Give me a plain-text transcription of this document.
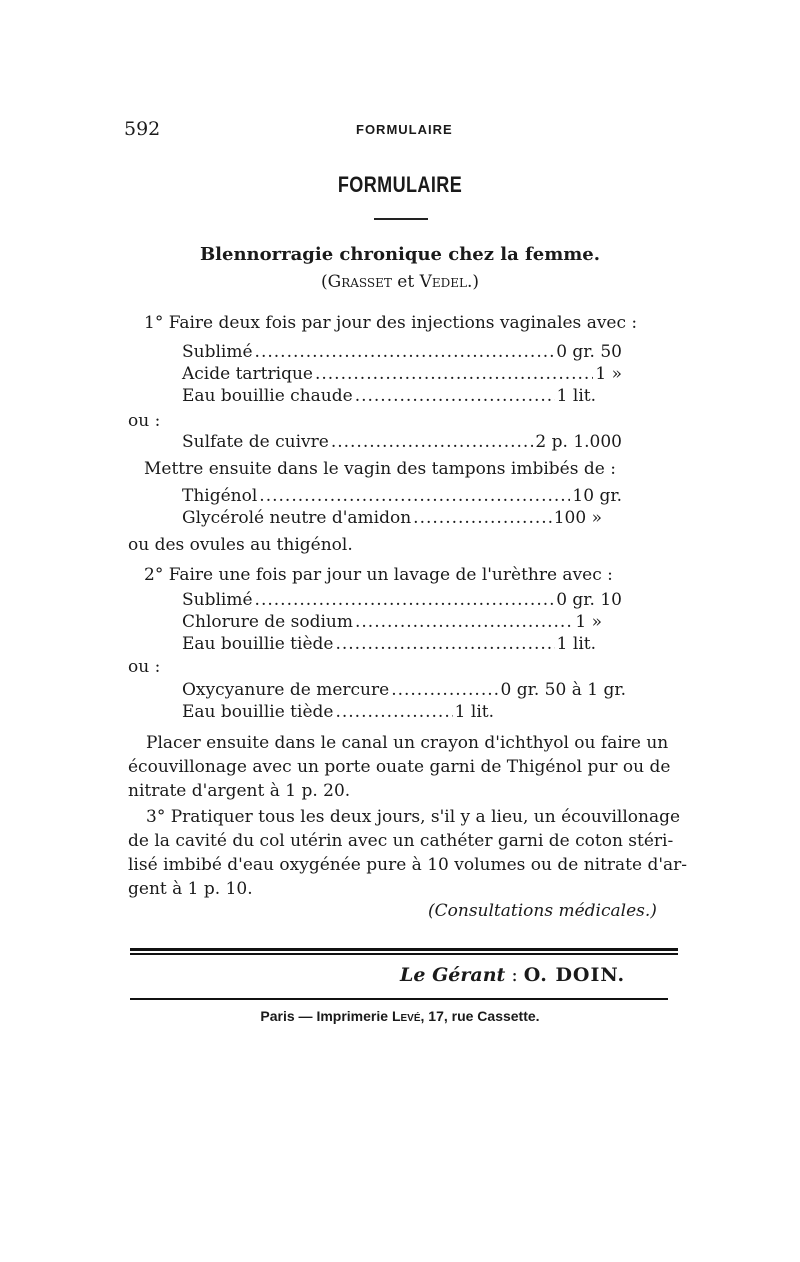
592	FORMULAIRE
FORMULAIRE
Blennorragie chronique chez la femme.
(Grasset et Vedel.)
1° Faire deux fois par jour des injections vaginales avec :
Sublimé .....	0 gr. 50
Acide tartrique .....	1 »
Eau bouillie chaude .....	1 lit.
ou :
Sulfate de cuivre .....	2 p. 1.000
Mettre ensuite dans le vagin des tampons imbibés de :
Thigénol .....	10 gr.
Glycérolé neutre d'amidon .....	100 »
ou des ovules au thigénol.
2° Faire une fois par jour un lavage de l'urèthre avec :
Sublimé .....	0 gr. 10
Chlorure de sodium .....	1 »
Eau bouillie tiède .....	1 lit.
ou :
Oxycyanure de mercure .....	0 gr. 50 à 1 gr.
Eau bouillie tiède .....	1 lit.
Placer ensuite dans le canal un crayon d'ichthyol ou faire un
écouvillonage avec un porte ouate garni de Thigénol pur ou de
nitrate d'argent à 1 p. 20.
3° Pratiquer tous les deux jours, s'il y a lieu, un écouvillonage
de la cavité du col utérin avec un cathéter garni de coton stéri-
lisé imbibé d'eau oxygénée pure à 10 volumes ou de nitrate d'ar-
gent à 1 p. 10.
(Consultations médicales.)
Le Gérant : O. DOIN.
Paris — Imprimerie Levé, 17, rue Cassette.
